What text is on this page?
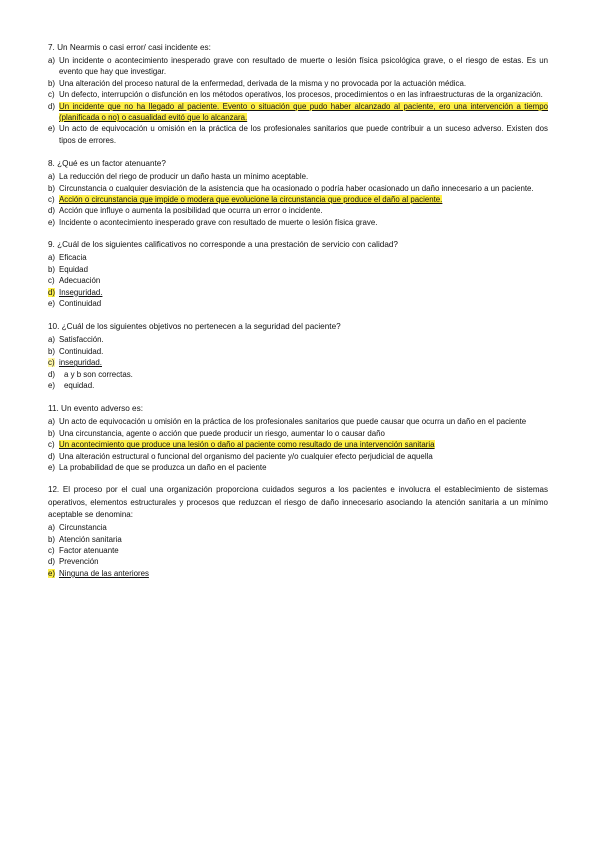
7. Un Nearmis o casi error/ casi incidente es:

a) Un incidente o acontecimiento inesperado grave con resultado de muerte o lesión física psicológica grave, o el riesgo de estas. Es un evento que hay que investigar.
b) Una alteración del proceso natural de la enfermedad, derivada de la misma y no provocada por la actuación médica.
c) Un defecto, interrupción o disfunción en los métodos operativos, los procesos, procedimientos o en las infraestructuras de la organización.
d) Un incidente que no ha llegado al paciente. Evento o situación que pudo haber alcanzado al paciente, ero una intervención a tiempo (planificada o no) o casualidad evitó que lo alcanzara.
e) Un acto de equivocación u omisión en la práctica de los profesionales sanitarios que puede contribuir a un suceso adverso. Existen dos tipos de errores.

8. ¿Qué es un factor atenuante?

a) La reducción del riego de producir un daño hasta un mínimo aceptable.
b) Circunstancia o cualquier desviación de la asistencia que ha ocasionado o podría haber ocasionado un daño innecesario a un paciente.
c) Acción o circunstancia que impide o modera que evolucione la circunstancia que produce el daño al paciente.
d) Acción que influye o aumenta la posibilidad que ocurra un error o incidente.
e) Incidente o acontecimiento inesperado grave con resultado de muerte o lesión física grave.

9. ¿Cuál de los siguientes calificativos no corresponde a una prestación de servicio con calidad?

a) Eficacia
b) Equidad
c) Adecuación
d) Inseguridad.
e) Continuidad

10. ¿Cuál de los siguientes objetivos no pertenecen a la seguridad del paciente?

a) Satisfacción.
b) Continuidad.
c) inseguridad.
d)	a y b son correctas.
e)	equidad.

11. Un evento adverso es:

a) Un acto de equivocación u omisión en la práctica de los profesionales sanitarios que puede causar que ocurra un daño en el paciente
b) Una circunstancia, agente o acción que puede producir un riesgo, aumentar lo o causar daño
c) Un acontecimiento que produce una lesión o daño al paciente como resultado de una intervención sanitaria
d) Una alteración estructural o funcional del organismo del paciente y/o cualquier efecto perjudicial de aquella
e) La probabilidad de que se produzca un daño en el paciente

12. El proceso por el cual una organización proporciona cuidados seguros a los pacientes e involucra el establecimiento de sistemas operativos, elementos estructurales y procesos que reduzcan el riesgo de daño innecesario asociando la atención sanitaria a un mínimo aceptable se denomina:

a) Circunstancia
b) Atención sanitaria
c) Factor atenuante
d) Prevención
e) Ninguna de las anteriores
